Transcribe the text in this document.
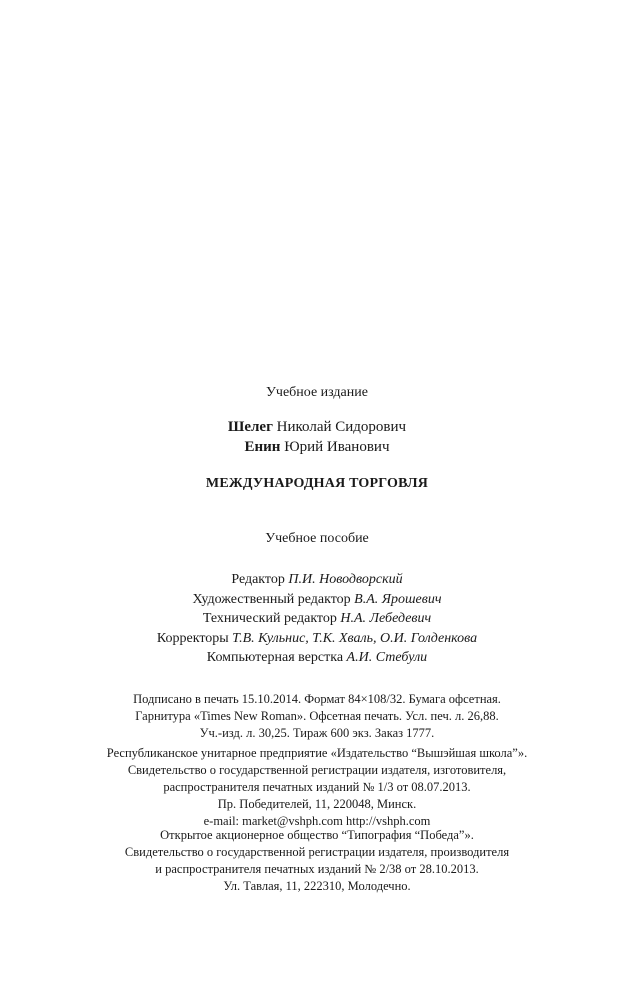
Учебное издание
Шелег Николай Сидорович
Енин Юрий Иванович
МЕЖДУНАРОДНАЯ ТОРГОВЛЯ
Учебное пособие
Редактор П.И. Новодворский
Художественный редактор В.А. Ярошевич
Технический редактор Н.А. Лебедевич
Корректоры Т.В. Кульнис, Т.К. Хваль, О.И. Голденкова
Компьютерная верстка А.И. Стебули
Подписано в печать 15.10.2014. Формат 84×108/32. Бумага офсетная.
Гарнитура «Times New Roman». Офсетная печать. Усл. печ. л. 26,88.
Уч.-изд. л. 30,25. Тираж 600 экз. Заказ 1777.
Республиканское унитарное предприятие «Издательство “Вышэйшая школа”».
Свидетельство о государственной регистрации издателя, изготовителя,
распространителя печатных изданий № 1/3 от 08.07.2013.
Пр. Победителей, 11, 220048, Минск.
e-mail: market@vshph.com http://vshph.com
Открытое акционерное общество “Типография “Победа”».
Свидетельство о государственной регистрации издателя, производителя
и распространителя печатных изданий № 2/38 от 28.10.2013.
Ул. Тавлая, 11, 222310, Молодечно.
